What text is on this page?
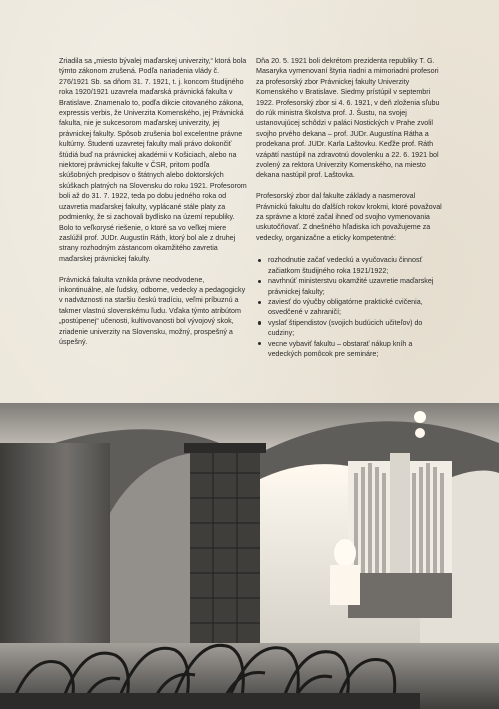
Zriadila sa „miesto bývalej maďarskej univerzity,“ ktorá bola týmto zákonom zrušená. Podľa nariadenia vlády č. 276/1921 Sb. sa dňom 31. 7. 1921, t. j. koncom študijného roka 1920/1921 uzavrela maďarská právnická fakulta v Bratislave. Znamenalo to, podľa dikcie citovaného zákona, expressis verbis, že Univerzita Komenského, jej Právnická fakulta, nie je sukcesorom maďarskej univerzity, jej právnickej fakulty. Spôsob zrušenia bol excelentne právne kultúrny. Študenti uzavretej fakulty mali právo dokončiť štúdiá buď na právnickej akadémii v Košiciach, alebo na niektorej právnickej fakulte v ČSR, pritom podľa skúšobných predpisov o štátnych alebo doktorských skúškach platných na Slovensku do roku 1921. Profesorom boli až do 31. 7. 1922, teda po dobu jedného roka od uzavretia maďarskej fakulty, vyplácané stále platy za podmienky, že si zachovali bydlisko na území republiky. Bolo to veľkorysé riešenie, o ktoré sa vo veľkej miere zaslúžil prof. JUDr. Augustín Ráth, ktorý bol ale z druhej strany rozhodným zástancom okamžitého zavretia maďarskej právnickej fakulty.

Právnická fakulta vznikla právne neodvodene, inkontinuálne, ale ľudsky, odborne, vedecky a pedagogicky v nadväznosti na staršiu českú tradíciu, veľmi príbuznú a takmer vlastnú slovenskému ľudu. Vďaka týmto atribútom „postúpenej“ učenosti, kultivovanosti bol vývojový skok, zriadenie univerzity na Slovensku, možný, prospešný a úspešný.

Dňa 20. 5. 1921 boli dekrétom prezidenta republiky T. G. Masaryka vymenovaní štyria riadni a mimoriadni profesori za profesorský zbor Právnickej fakulty Univerzity Komenského v Bratislave. Siedmy prístúpil v septembri 1922. Profesorský zbor si 4. 6. 1921, v deň zloženia sľubu do rúk ministra školstva prof. J. Šustu, na svojej ustanovujúcej schôdzi v paláci Nostických v Prahe zvolil svojho prvého dekana – prof. JUDr. Augustína Rátha a prodekana prof. JUDr. Karla Laštovku. Keďže prof. Ráth vzápätí nastúpil na zdravotnú dovolenku a 22. 6. 1921 bol zvolený za rektora Univerzity Komenského, na miesto dekana nastúpil prof. Laštovka.

Profesorský zbor dal fakulte základy a nasmeroval Právnickú fakultu do ďalších rokov krokmi, ktoré považoval za správne a ktoré začal ihneď od svojho vymenovania uskutočňovať. Z dnešného hľadiska ich považujeme za vedecky, organizačne a eticky kompetentné:

rozhodnutie začať vedeckú a vyučovaciu činnosť začiatkom študijného roka 1921/1922;
navrhnúť ministerstvu okamžité uzavretie maďarskej právnickej fakulty;
zaviesť do výučby obligatórne praktické cvičenia, osvedčené v zahraničí;
vyslať štipendistov (svojich budúcich učiteľov) do cudziny;
vecne vybaviť fakultu – obstarať nákup kníh a vedeckých pomôcok pre semináre;
